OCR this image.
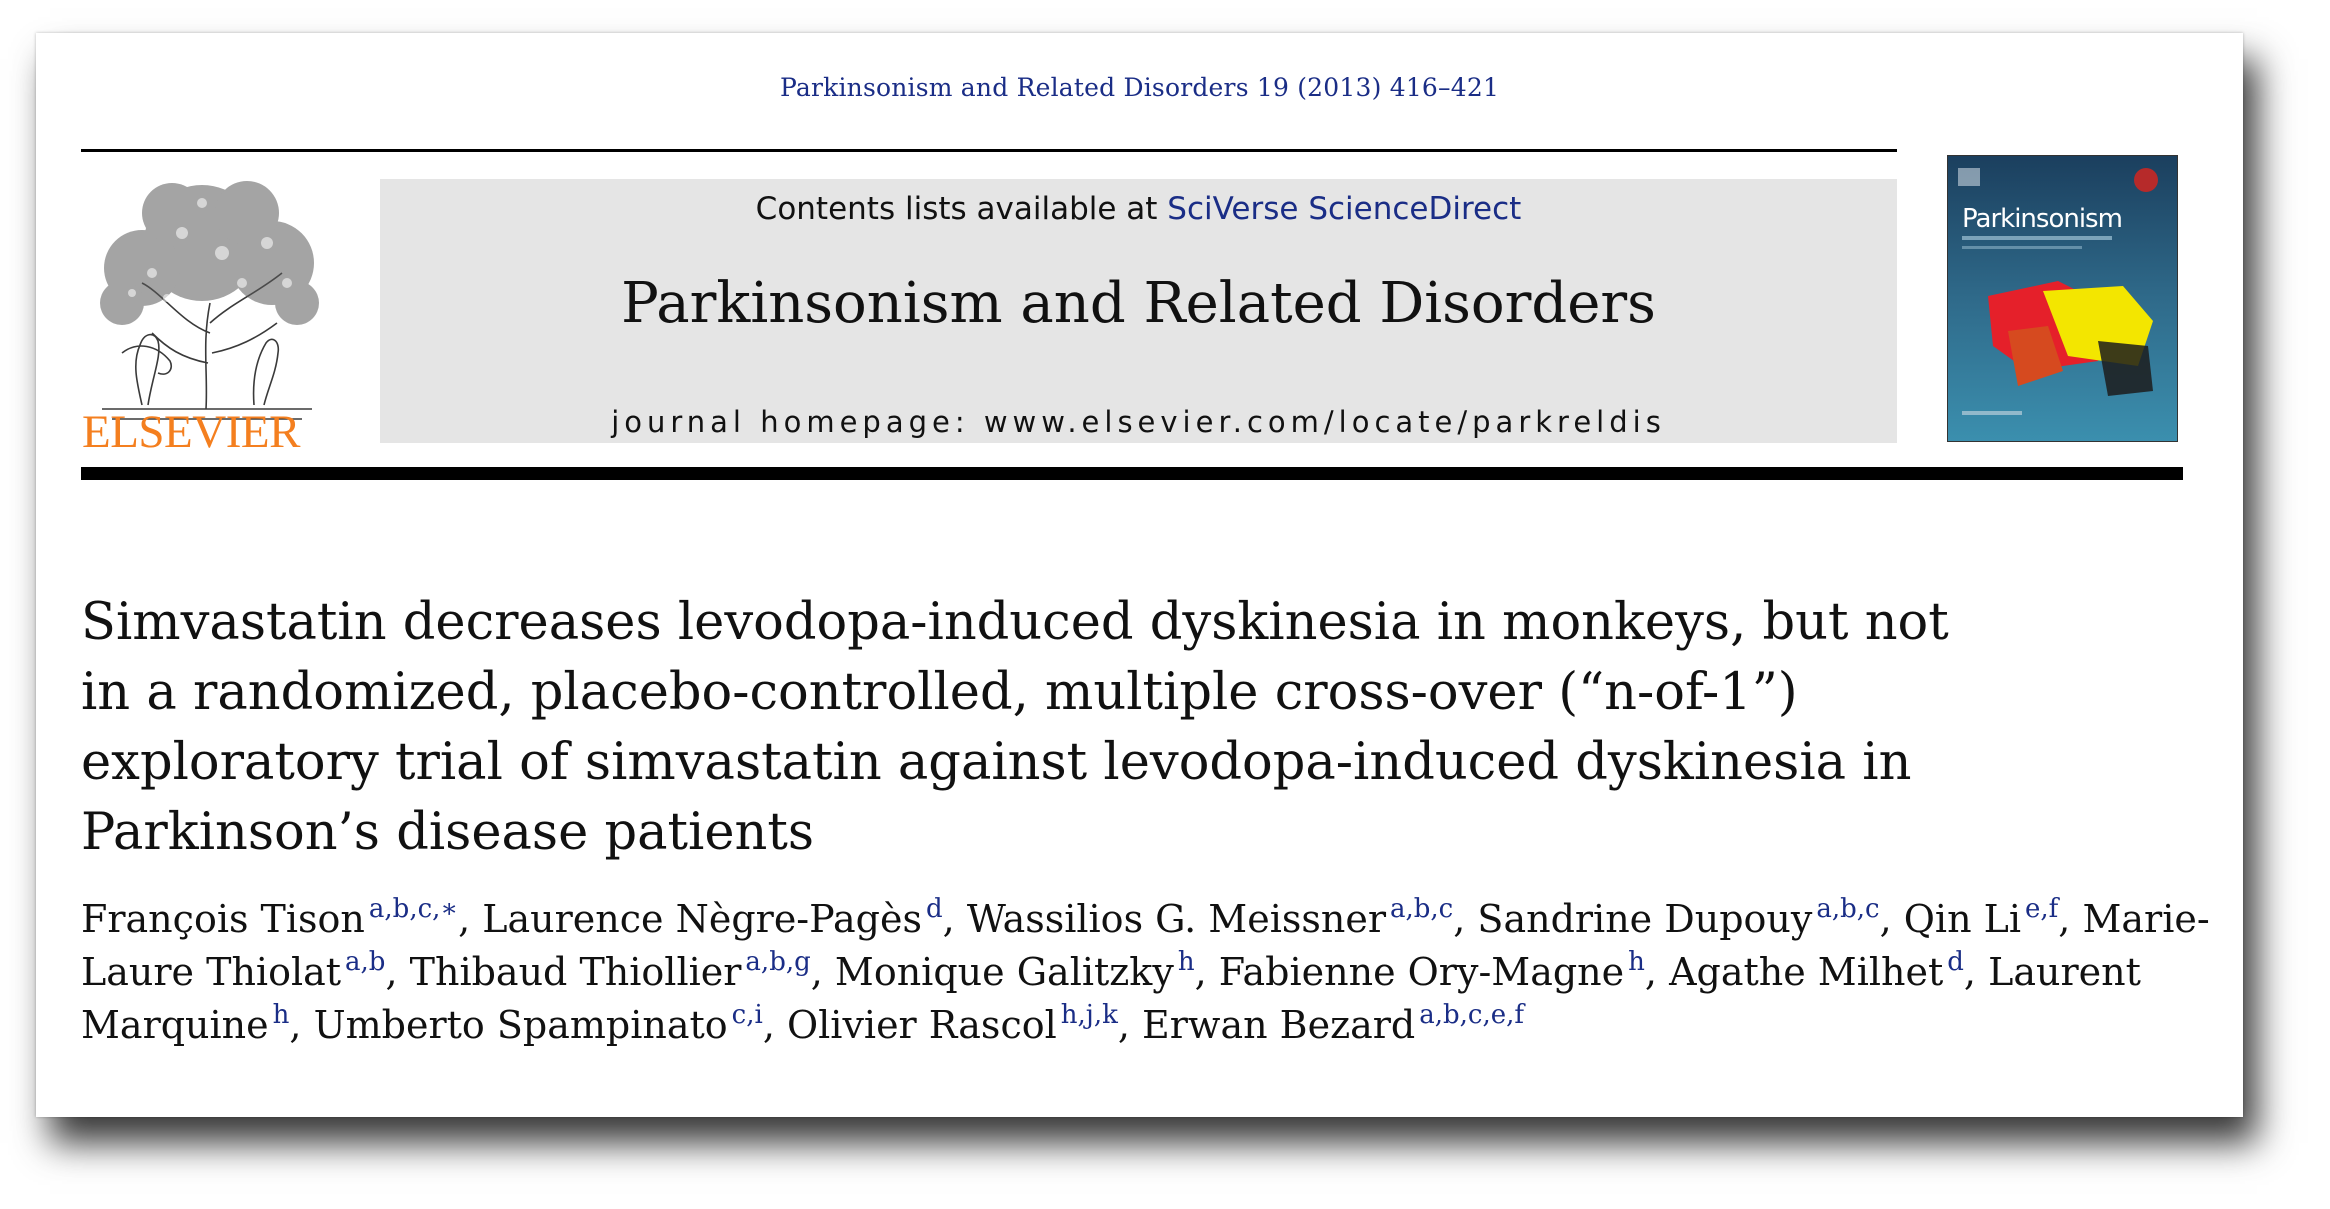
Parkinsonism and Related Disorders 19 (2013) 416–421
ELSEVIER
Contents lists available at SciVerse ScienceDirect
Parkinsonism and Related Disorders
journal homepage: www.elsevier.com/locate/parkreldis
Parkinsonism
Simvastatin decreases levodopa-induced dyskinesia in monkeys, but not in a randomized, placebo-controlled, multiple cross-over (“n-of-1”) exploratory trial of simvastatin against levodopa-induced dyskinesia in Parkinson’s disease patients
François Tison $^{a,b,c,∗}$, Laurence Nègre-Pagès $^d$, Wassilios G. Meissner $^{a,b,c}$, Sandrine Dupouy $^{a,b,c}$, Qin Li $^{e,f}$, Marie-Laure Thiolat $^{a,b}$, Thibaud Thiollier $^{a,b,g}$, Monique Galitzky $^h$, Fabienne Ory-Magne $^h$, Agathe Milhet $^d$, Laurent Marquine $^h$, Umberto Spampinato $^{c,i}$, Olivier Rascol $^{h,j,k}$, Erwan Bezard $^{a,b,c,e,f}$
